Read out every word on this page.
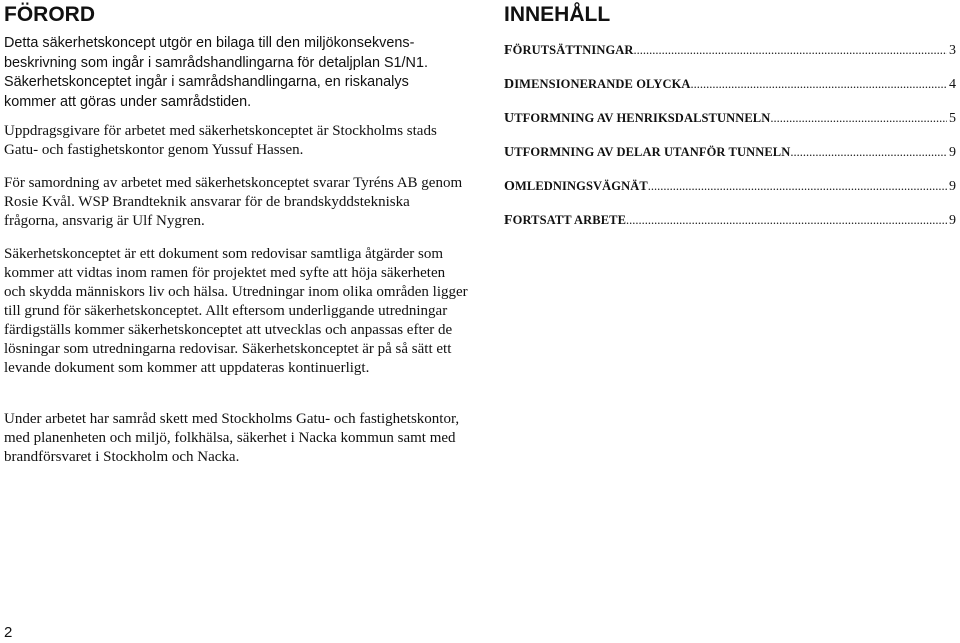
FÖRORD

Detta säkerhetskoncept utgör en bilaga till den miljökonsekvens-beskrivning som ingår i samrådshandlingarna för detaljplan S1/N1. Säkerhetskonceptet ingår i samrådshandlingarna, en riskanalys kommer att göras under samrådstiden.

Uppdragsgivare för arbetet med säkerhetskonceptet är Stockholms stads Gatu- och fastighetskontor genom Yussuf Hassen.

För samordning av arbetet med säkerhetskonceptet svarar Tyréns AB genom Rosie Kvål. WSP Brandteknik ansvarar för de brandskyddstekniska frågorna, ansvarig är Ulf Nygren.

Säkerhetskonceptet är ett dokument som redovisar samtliga åtgärder som kommer att vidtas inom ramen för projektet med syfte att höja säkerheten och skydda människors liv och hälsa. Utredningar inom olika områden ligger till grund för säkerhetskonceptet. Allt eftersom underliggande utredningar färdigställs kommer säkerhetskonceptet att utvecklas och anpassas efter de lösningar som utredningarna redovisar. Säkerhetskonceptet är på så sätt ett levande dokument som kommer att uppdateras kontinuerligt.

Under arbetet har samråd skett med Stockholms Gatu- och fastighetskontor, med planenheten och miljö, folkhälsa, säkerhet i Nacka kommun samt med brandförsvaret i Stockholm och Nacka.

INNEHÅLL
FÖRUTSÄTTNINGAR .....	3
DIMENSIONERANDE OLYCKA .....	4
UTFORMNING AV HENRIKSDALSTUNNELN .....	5
UTFORMNING AV DELAR UTANFÖR TUNNELN .....	9
OMLEDNINGSVÄGNÄT .....	9
FORTSATT ARBETE .....	9
2
